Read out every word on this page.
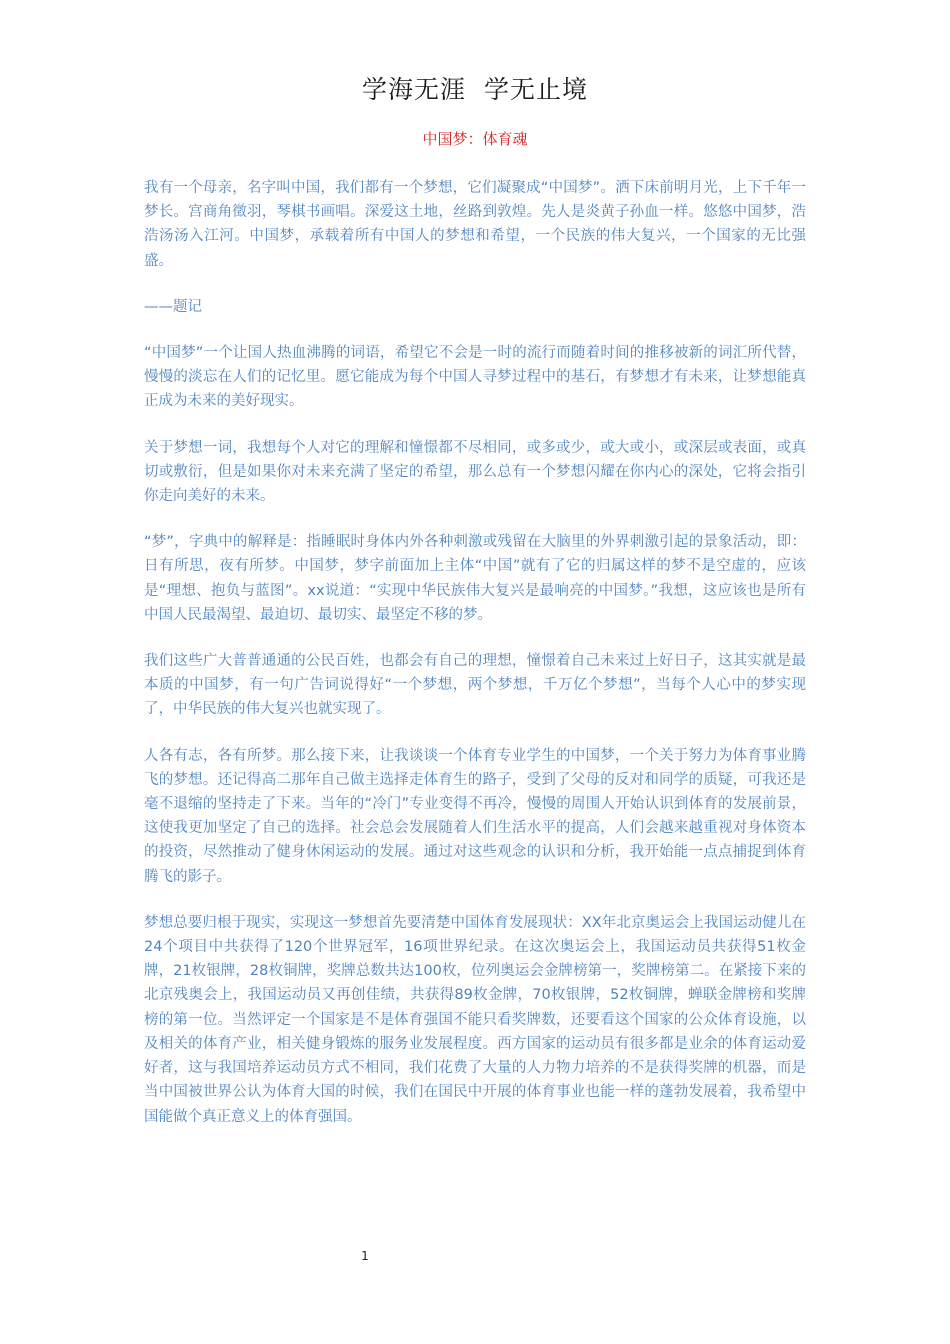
学海无涯  学无止境
中国梦：体育魂

我有一个母亲，名字叫中国，我们都有一个梦想，它们凝聚成“中国梦”。洒下床前明月光，上下千年一梦长。宫商角徵羽，琴棋书画唱。深爱这土地，丝路到敦煌。先人是炎黄子孙血一样。悠悠中国梦，浩浩汤汤入江河。中国梦，承载着所有中国人的梦想和希望，一个民族的伟大复兴，一个国家的无比强盛。

——题记

“中国梦”一个让国人热血沸腾的词语，希望它不会是一时的流行而随着时间的推移被新的词汇所代替，慢慢的淡忘在人们的记忆里。愿它能成为每个中国人寻梦过程中的基石，有梦想才有未来，让梦想能真正成为未来的美好现实。

关于梦想一词，我想每个人对它的理解和憧憬都不尽相同，或多或少，或大或小，或深层或表面，或真切或敷衍，但是如果你对未来充满了坚定的希望，那么总有一个梦想闪耀在你内心的深处，它将会指引你走向美好的未来。

“梦”，字典中的解释是：指睡眠时身体内外各种刺激或残留在大脑里的外界刺激引起的景象活动，即：日有所思，夜有所梦。中国梦，梦字前面加上主体“中国”就有了它的归属这样的梦不是空虚的，应该是“理想、抱负与蓝图”。xx说道：“实现中华民族伟大复兴是最响亮的中国梦。”我想，这应该也是所有中国人民最渴望、最迫切、最切实、最坚定不移的梦。

我们这些广大普普通通的公民百姓，也都会有自己的理想，憧憬着自己未来过上好日子，这其实就是最本质的中国梦，有一句广告词说得好“一个梦想，两个梦想，千万亿个梦想”，当每个人心中的梦实现了，中华民族的伟大复兴也就实现了。

人各有志，各有所梦。那么接下来，让我谈谈一个体育专业学生的中国梦，一个关于努力为体育事业腾飞的梦想。还记得高二那年自己做主选择走体育生的路子，受到了父母的反对和同学的质疑，可我还是毫不退缩的坚持走了下来。当年的“冷门”专业变得不再冷，慢慢的周围人开始认识到体育的发展前景，这使我更加坚定了自己的选择。社会总会发展随着人们生活水平的提高，人们会越来越重视对身体资本的投资，尽然推动了健身休闲运动的发展。通过对这些观念的认识和分析，我开始能一点点捕捉到体育腾飞的影子。

梦想总要归根于现实，实现这一梦想首先要清楚中国体育发展现状：XX年北京奥运会上我国运动健儿在24个项目中共获得了120个世界冠军，16项世界纪录。在这次奥运会上，我国运动员共获得51枚金牌，21枚银牌，28枚铜牌，奖牌总数共达100枚，位列奥运会金牌榜第一，奖牌榜第二。在紧接下来的北京残奥会上，我国运动员又再创佳绩，共获得89枚金牌，70枚银牌，52枚铜牌，蝉联金牌榜和奖牌榜的第一位。当然评定一个国家是不是体育强国不能只看奖牌数，还要看这个国家的公众体育设施，以及相关的体育产业，相关健身锻炼的服务业发展程度。西方国家的运动员有很多都是业余的体育运动爱好者，这与我国培养运动员方式不相同，我们花费了大量的人力物力培养的不是获得奖牌的机器，而是当中国被世界公认为体育大国的时候，我们在国民中开展的体育事业也能一样的蓬勃发展着，我希望中国能做个真正意义上的体育强国。

1
